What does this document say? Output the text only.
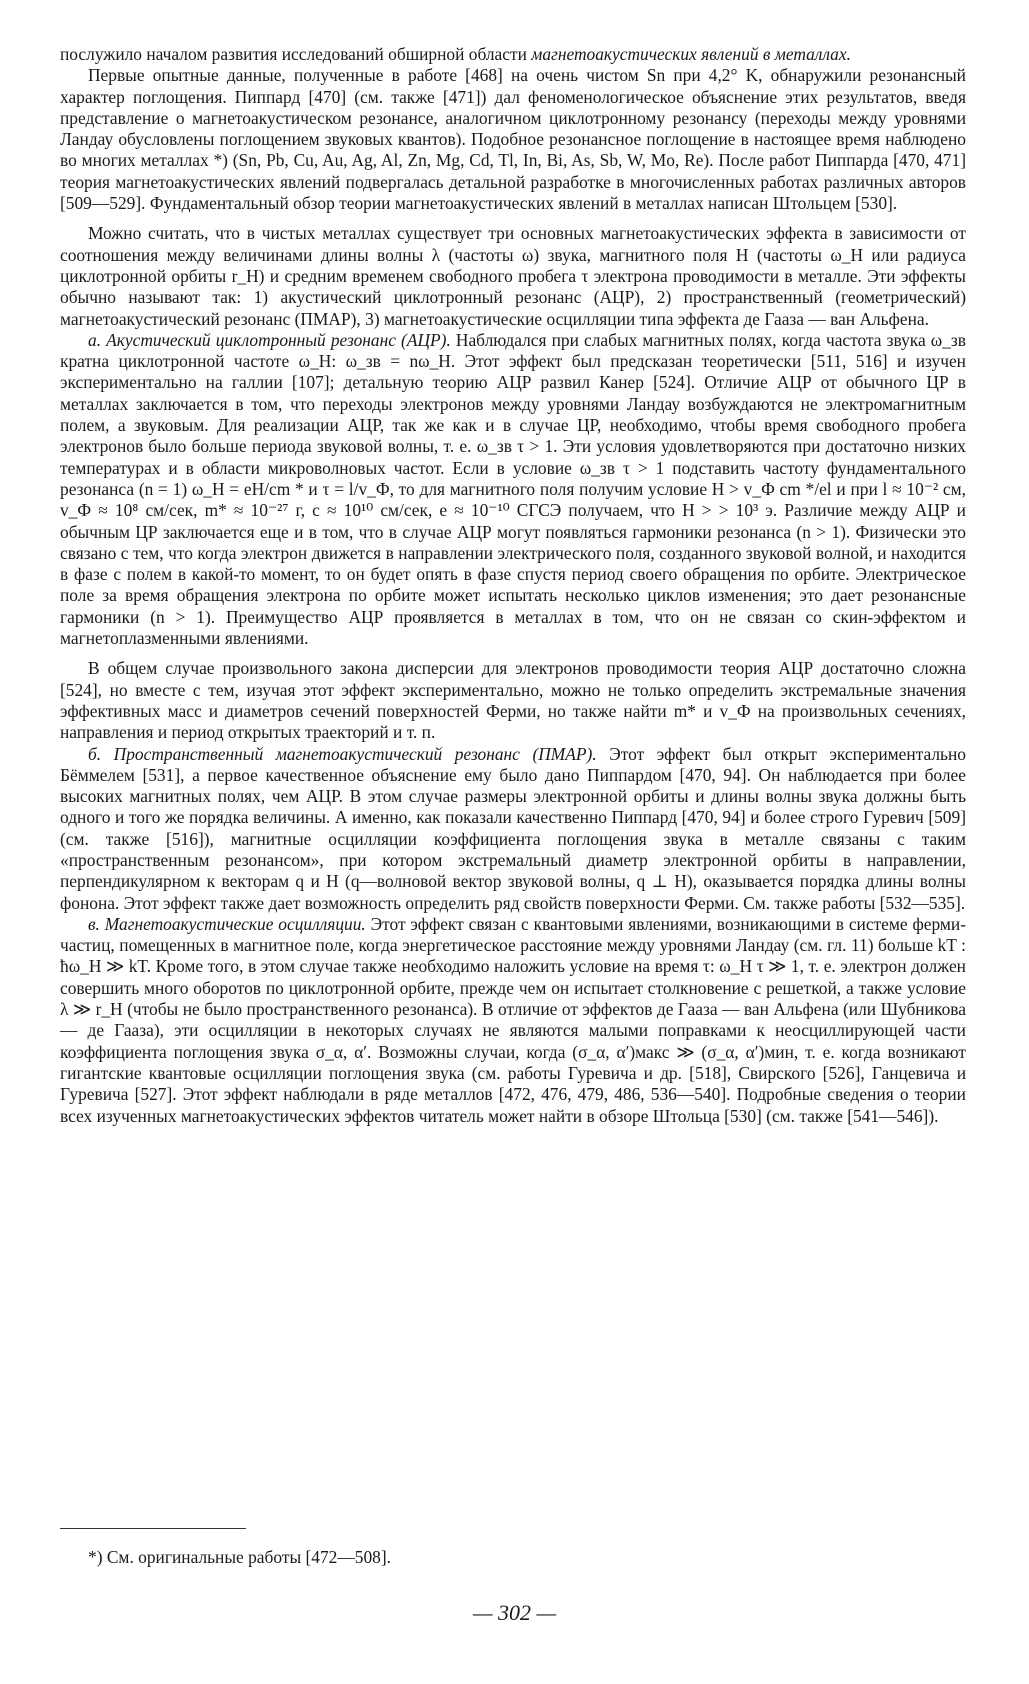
послужило началом развития исследований обширной области магнетоакустических явлений в металлах.

Первые опытные данные, полученные в работе [468] на очень чистом Sn при 4,2° K, обнаружили резонансный характер поглощения. Пиппард [470] (см. также [471]) дал феноменологическое объяснение этих результатов, введя представление о магнетоакустическом резонансе, аналогичном циклотронному резонансу (переходы между уровнями Ландау обусловлены поглощением звуковых квантов). Подобное резонансное поглощение в настоящее время наблюдено во многих металлах *) (Sn, Pb, Cu, Au, Ag, Al, Zn, Mg, Cd, Tl, In, Bi, As, Sb, W, Mo, Re). После работ Пиппарда [470, 471] теория магнетоакустических явлений подвергалась детальной разработке в многочисленных работах различных авторов [509—529]. Фундаментальный обзор теории магнетоакустических явлений в металлах написан Штольцем [530].

Можно считать, что в чистых металлах существует три основных магнетоакустических эффекта в зависимости от соотношения между величинами длины волны λ (частоты ω) звука, магнитного поля H (частоты ω_H или радиуса циклотронной орбиты r_H) и средним временем свободного пробега τ электрона проводимости в металле. Эти эффекты обычно называют так: 1) акустический циклотронный резонанс (АЦР), 2) пространственный (геометрический) магнетоакустический резонанс (ПМАР), 3) магнетоакустические осцилляции типа эффекта де Гааза — ван Альфена.

а. Акустический циклотронный резонанс (АЦР). Наблюдался при слабых магнитных полях, когда частота звука ω_зв кратна циклотронной частоте ω_H: ω_зв = nω_H. Этот эффект был предсказан теоретически [511, 516] и изучен экспериментально на галлии [107]; детальную теорию АЦР развил Канер [524]. Отличие АЦР от обычного ЦР в металлах заключается в том, что переходы электронов между уровнями Ландау возбуждаются не электромагнитным полем, а звуковым. Для реализации АЦР, так же как и в случае ЦР, необходимо, чтобы время свободного пробега электронов было больше периода звуковой волны, т. е. ω_зв τ > 1. Эти условия удовлетворяются при достаточно низких температурах и в области микроволновых частот. Если в условие ω_зв τ > 1 подставить частоту фундаментального резонанса (n = 1) ω_H = eH/cm * и τ = l/v_Ф, то для магнитного поля получим условие H > v_Ф cm */el и при l ≈ 10⁻² см, v_Ф ≈ 10⁸ см/сек, m* ≈ 10⁻²⁷ г, c ≈ 10¹⁰ см/сек, e ≈ 10⁻¹⁰ СГСЭ получаем, что H > > 10³ э. Различие между АЦР и обычным ЦР заключается еще и в том, что в случае АЦР могут появляться гармоники резонанса (n > 1). Физически это связано с тем, что когда электрон движется в направлении электрического поля, созданного звуковой волной, и находится в фазе с полем в какой-то момент, то он будет опять в фазе спустя период своего обращения по орбите. Электрическое поле за время обращения электрона по орбите может испытать несколько циклов изменения; это дает резонансные гармоники (n > 1). Преимущество АЦР проявляется в металлах в том, что он не связан со скин-эффектом и магнетоплазменными явлениями.

В общем случае произвольного закона дисперсии для электронов проводимости теория АЦР достаточно сложна [524], но вместе с тем, изучая этот эффект экспериментально, можно не только определить экстремальные значения эффективных масс и диаметров сечений поверхностей Ферми, но также найти m* и v_Ф на произвольных сечениях, направления и период открытых траекторий и т. п.

б. Пространственный магнетоакустический резонанс (ПМАР). Этот эффект был открыт экспериментально Бёммелем [531], а первое качественное объяснение ему было дано Пиппардом [470, 94]. Он наблюдается при более высоких магнитных полях, чем АЦР. В этом случае размеры электронной орбиты и длины волны звука должны быть одного и того же порядка величины. А именно, как показали качественно Пиппард [470, 94] и более строго Гуревич [509] (см. также [516]), магнитные осцилляции коэффициента поглощения звука в металле связаны с таким «пространственным резонансом», при котором экстремальный диаметр электронной орбиты в направлении, перпендикулярном к векторам q и H (q—волновой вектор звуковой волны, q ⊥ H), оказывается порядка длины волны фонона. Этот эффект также дает возможность определить ряд свойств поверхности Ферми. См. также работы [532—535].

в. Магнетоакустические осцилляции. Этот эффект связан с квантовыми явлениями, возникающими в системе ферми-частиц, помещенных в магнитное поле, когда энергетическое расстояние между уровнями Ландау (см. гл. 11) больше kT : ħω_H ≫ kT. Кроме того, в этом случае также необходимо наложить условие на время τ: ω_H τ ≫ 1, т. е. электрон должен совершить много оборотов по циклотронной орбите, прежде чем он испытает столкновение с решеткой, а также условие λ ≫ r_H (чтобы не было пространственного резонанса). В отличие от эффектов де Гааза — ван Альфена (или Шубникова — де Гааза), эти осцилляции в некоторых случаях не являются малыми поправками к неосциллирующей части коэффициента поглощения звука σ_α, α′. Возможны случаи, когда (σ_α, α′)макс ≫ (σ_α, α′)мин, т. е. когда возникают гигантские квантовые осцилляции поглощения звука (см. работы Гуревича и др. [518], Свирского [526], Ганцевича и Гуревича [527]. Этот эффект наблюдали в ряде металлов [472, 476, 479, 486, 536—540]. Подробные сведения о теории всех изученных магнетоакустических эффектов читатель может найти в обзоре Штольца [530] (см. также [541—546]).

*) См. оригинальные работы [472—508].
— 302 —
